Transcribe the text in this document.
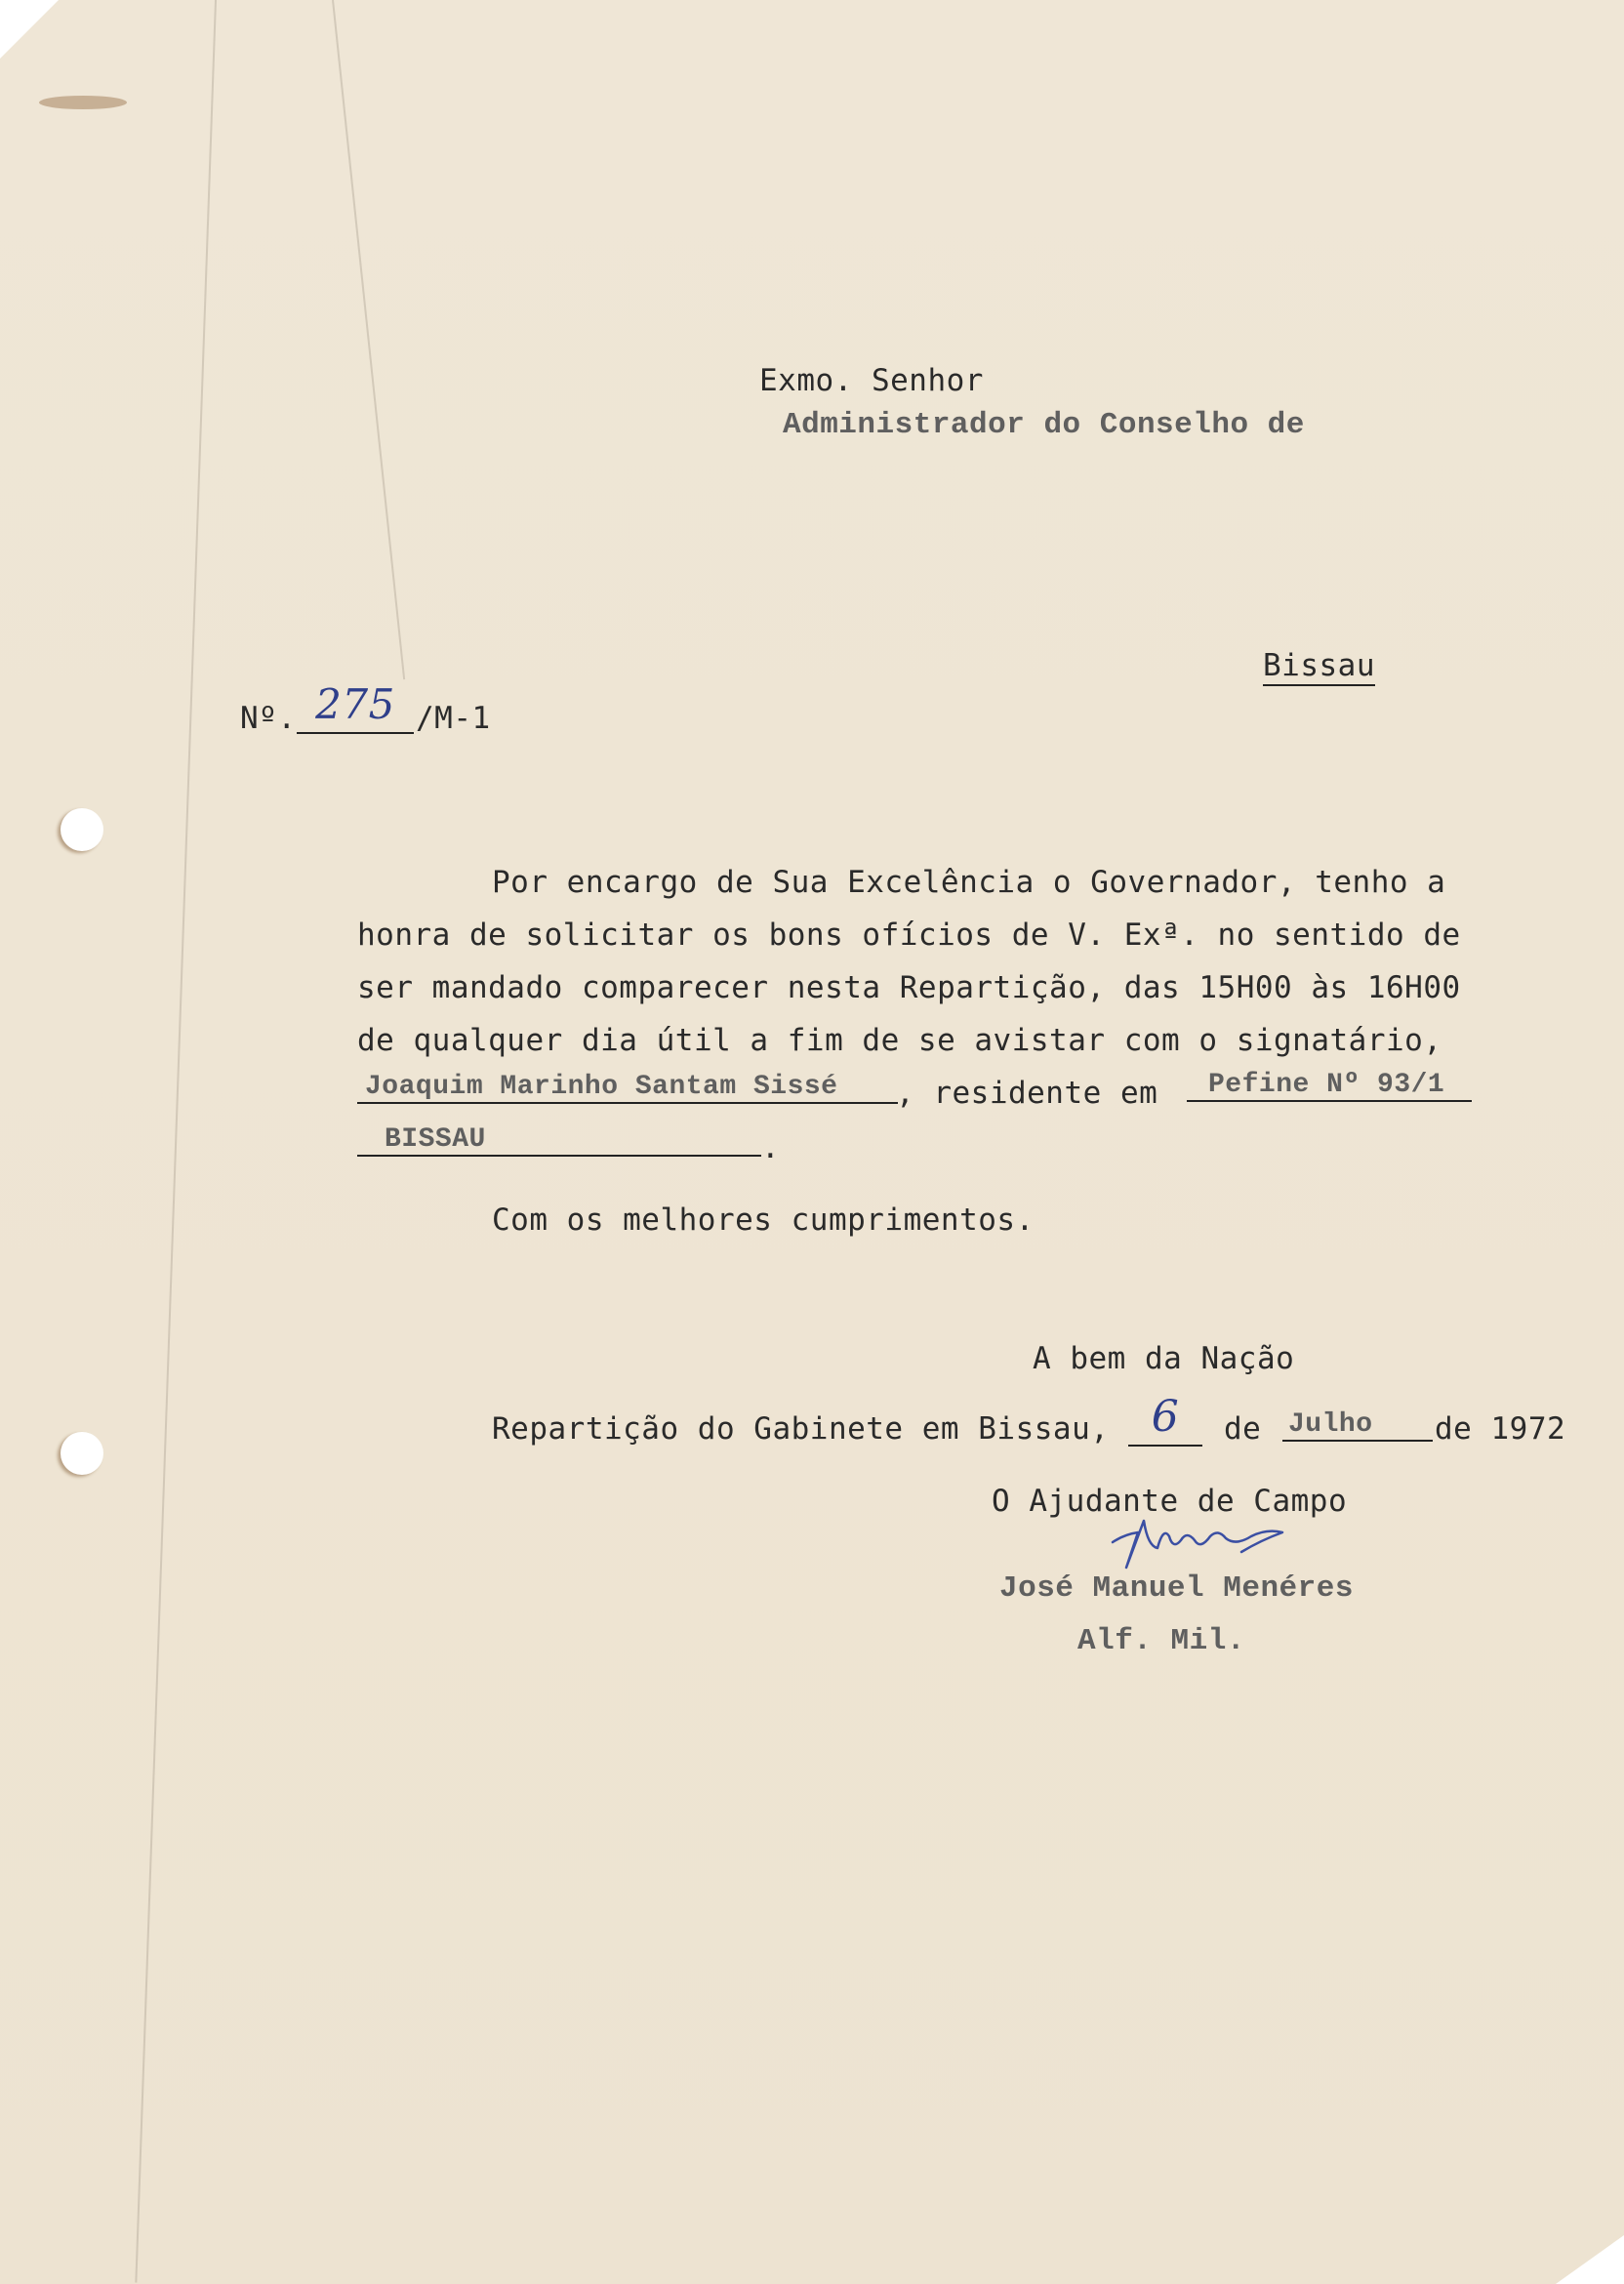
Exmo. Senhor
Administrador do Conselho de
Bissau
Nº. 275 /M-1
Por encargo de Sua Excelência o Governador, tenho a
honra de solicitar os bons ofícios de V. Exª. no sentido de
ser mandado comparecer nesta Repartição, das 15H00 às 16H00
de qualquer dia útil a fim de se avistar com o signatário,
Joaquim Marinho Santam Sissé	, residente em	Pefine Nº 93/1
BISSAU	.
Com os melhores cumprimentos.
A bem da Nação
Repartição do Gabinete em Bissau, 6	de Julho	de 1972
O Ajudante de Campo
José Manuel Menéres
Alf. Mil.
